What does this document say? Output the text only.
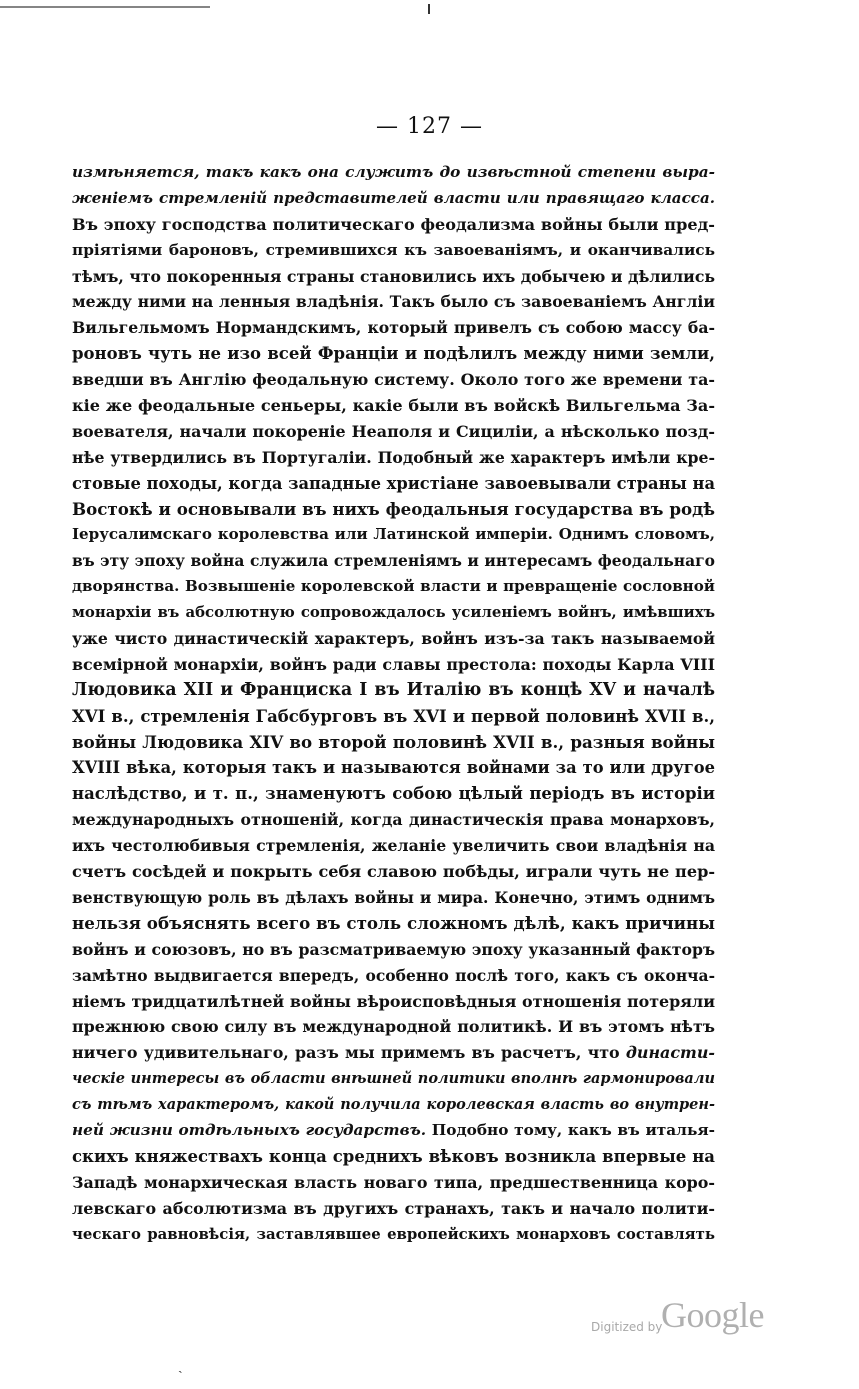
— 127 —
измѣняется, такъ какъ она служитъ до извѣстной степени выра-
женіемъ стремленій представителей власти или правящаго класса.
Въ эпоху господства политическаго феодализма войны были пред-
пріятіями бароновъ, стремившихся къ завоеваніямъ, и оканчивались
тѣмъ, что покоренныя страны становились ихъ добычею и дѣлились
между ними на ленныя владѣнія. Такъ было съ завоеваніемъ Англіи
Вильгельмомъ Нормандскимъ, который привелъ съ собою массу ба-
роновъ чуть не изо всей Франціи и подѣлилъ между ними земли,
введши въ Англію феодальную систему. Около того же времени та-
кіе же феодальные сеньеры, какіе были въ войскѣ Вильгельма За-
воевателя, начали покореніе Неаполя и Сициліи, а нѣсколько позд-
нѣе утвердились въ Португаліи. Подобный же характеръ имѣли кре-
стовые походы, когда западные христiане завоевывали страны на
Востокѣ и основывали въ нихъ феодальныя государства въ родѣ
Іерусалимскаго королевства или Латинской имперіи. Однимъ словомъ,
въ эту эпоху война служила стремленіямъ и интересамъ феодальнаго
дворянства. Возвышеніе королевской власти и превращеніе сословной
монархіи въ абсолютную сопровождалось усиленіемъ войнъ, имѣвшихъ
уже чисто династическій характеръ, войнъ изъ-за такъ называемой
всемірной монархіи, войнъ ради славы престола: походы Карла VIII
Людовика XII и Франциска I въ Италію въ концѣ XV и началѣ
XVI в., стремленія Габсбурговъ въ XVI и первой половинѣ XVII в.,
войны Людовика XIV во второй половинѣ XVII в., разныя войны
XVIII вѣка, которыя такъ и называются войнами за то или другое
наслѣдство, и т. п., знаменуютъ собою цѣлый періодъ въ исторіи
международныхъ отношеній, когда династическія права монарховъ,
ихъ честолюбивыя стремленія, желаніе увеличить свои владѣнія на
счетъ сосѣдей и покрыть себя славою побѣды, играли чуть не пер-
венствующую роль въ дѣлахъ войны и мира. Конечно, этимъ однимъ
нельзя объяснять всего въ столь сложномъ дѣлѣ, какъ причины
войнъ и союзовъ, но въ разсматриваемую эпоху указанный факторъ
замѣтно выдвигается впередъ, особенно послѣ того, какъ съ оконча-
ніемъ тридцатилѣтней войны вѣроисповѣдныя отношенія потеряли
прежнюю свою силу въ международной политикѣ. И въ этомъ нѣтъ
ничего удивительнаго, разъ мы примемъ въ расчетъ, что династи-
ческіе интересы въ области внѣшней политики вполнѣ гармонировали
съ тѣмъ характеромъ, какой получила королевская власть во внутрен-
ней жизни отдѣльныхъ государствъ. Подобно тому, какъ въ италья-
скихъ княжествахъ конца среднихъ вѣковъ возникла впервые на
Западѣ монархическая власть новаго типа, предшественница коро-
левскаго абсолютизма въ другихъ странахъ, такъ и начало полити-
ческаго равновѣсія, заставлявшее европейскихъ монарховъ составлять
Digitized by
Google
ˎ
